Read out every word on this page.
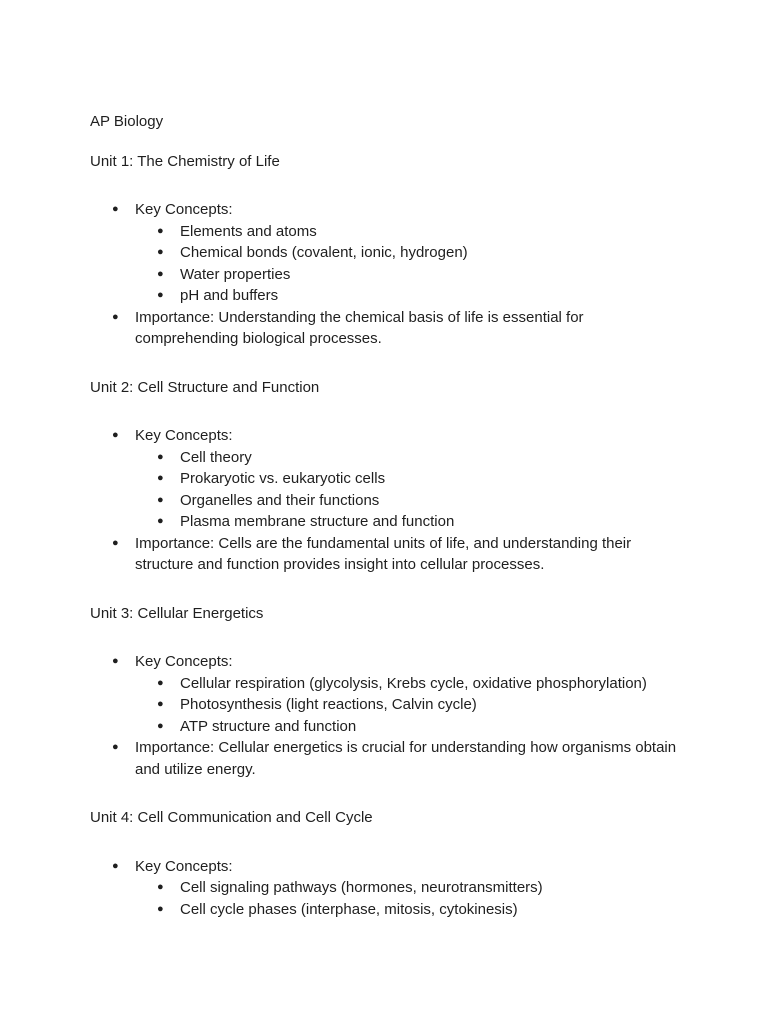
AP Biology

Unit 1: The Chemistry of Life

● Key Concepts:
● Elements and atoms
● Chemical bonds (covalent, ionic, hydrogen)
● Water properties
● pH and buffers
● Importance: Understanding the chemical basis of life is essential for comprehending biological processes.

Unit 2: Cell Structure and Function

● Key Concepts:
● Cell theory
● Prokaryotic vs. eukaryotic cells
● Organelles and their functions
● Plasma membrane structure and function
● Importance: Cells are the fundamental units of life, and understanding their structure and function provides insight into cellular processes.

Unit 3: Cellular Energetics

● Key Concepts:
● Cellular respiration (glycolysis, Krebs cycle, oxidative phosphorylation)
● Photosynthesis (light reactions, Calvin cycle)
● ATP structure and function
● Importance: Cellular energetics is crucial for understanding how organisms obtain and utilize energy.

Unit 4: Cell Communication and Cell Cycle

● Key Concepts:
● Cell signaling pathways (hormones, neurotransmitters)
● Cell cycle phases (interphase, mitosis, cytokinesis)
